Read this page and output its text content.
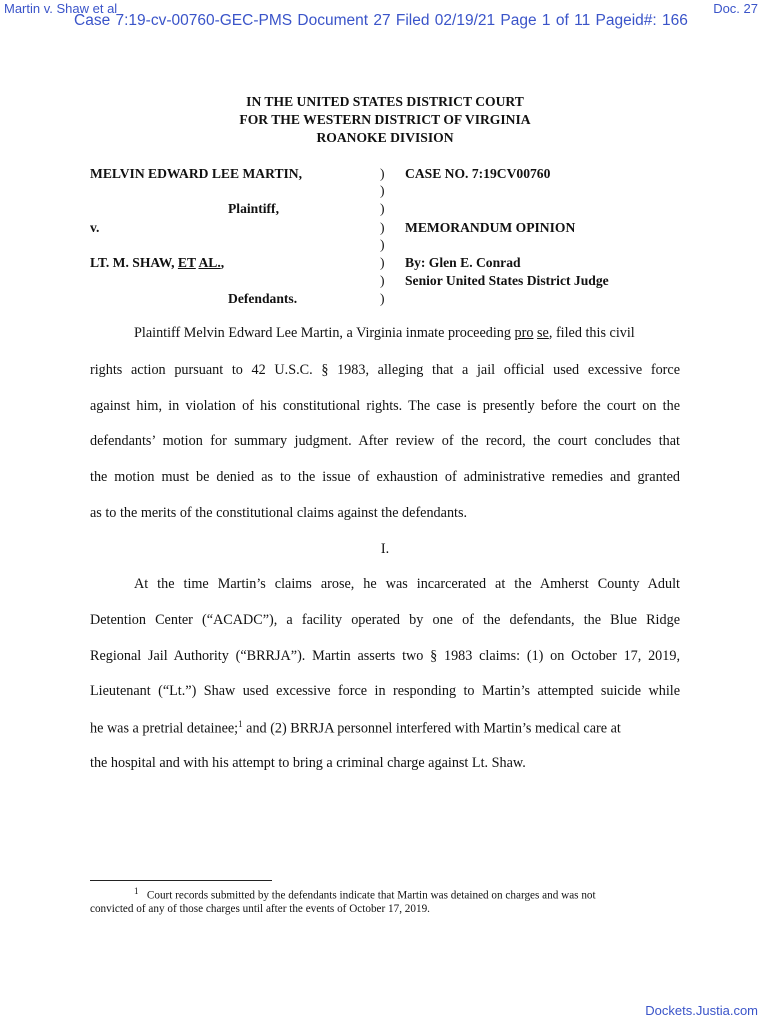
Martin v. Shaw et al	Doc. 27
Case 7:19-cv-00760-GEC-PMS Document 27 Filed 02/19/21 Page 1 of 11 Pageid#: 166
Dockets.Justia.com
IN THE UNITED STATES DISTRICT COURT
FOR THE WESTERN DISTRICT OF VIRGINIA
ROANOKE DIVISION
MELVIN EDWARD LEE MARTIN,
Plaintiff,
v.
LT. M. SHAW, ET AL.,
Defendants.
)
)
)
)
)
)
)
)
CASE NO. 7:19CV00760
MEMORANDUM OPINION
By: Glen E. Conrad
Senior United States District Judge
Plaintiff Melvin Edward Lee Martin, a Virginia inmate proceeding pro se, filed this civil
rights action pursuant to 42 U.S.C. § 1983, alleging that a jail official used excessive force
against him, in violation of his constitutional rights. The case is presently before the court on the
defendants’ motion for summary judgment. After review of the record, the court concludes that
the motion must be denied as to the issue of exhaustion of administrative remedies and granted
as to the merits of the constitutional claims against the defendants.
I.
At the time Martin’s claims arose, he was incarcerated at the Amherst County Adult
Detention Center (“ACADC”), a facility operated by one of the defendants, the Blue Ridge
Regional Jail Authority (“BRRJA”). Martin asserts two § 1983 claims: (1) on October 17, 2019,
Lieutenant (“Lt.”) Shaw used excessive force in responding to Martin’s attempted suicide while
he was a pretrial detainee;$^1$ and (2) BRRJA personnel interfered with Martin’s medical care at
the hospital and with his attempt to bring a criminal charge against Lt. Shaw.
$^1$ Court records submitted by the defendants indicate that Martin was detained on charges and was not
convicted of any of those charges until after the events of October 17, 2019.
